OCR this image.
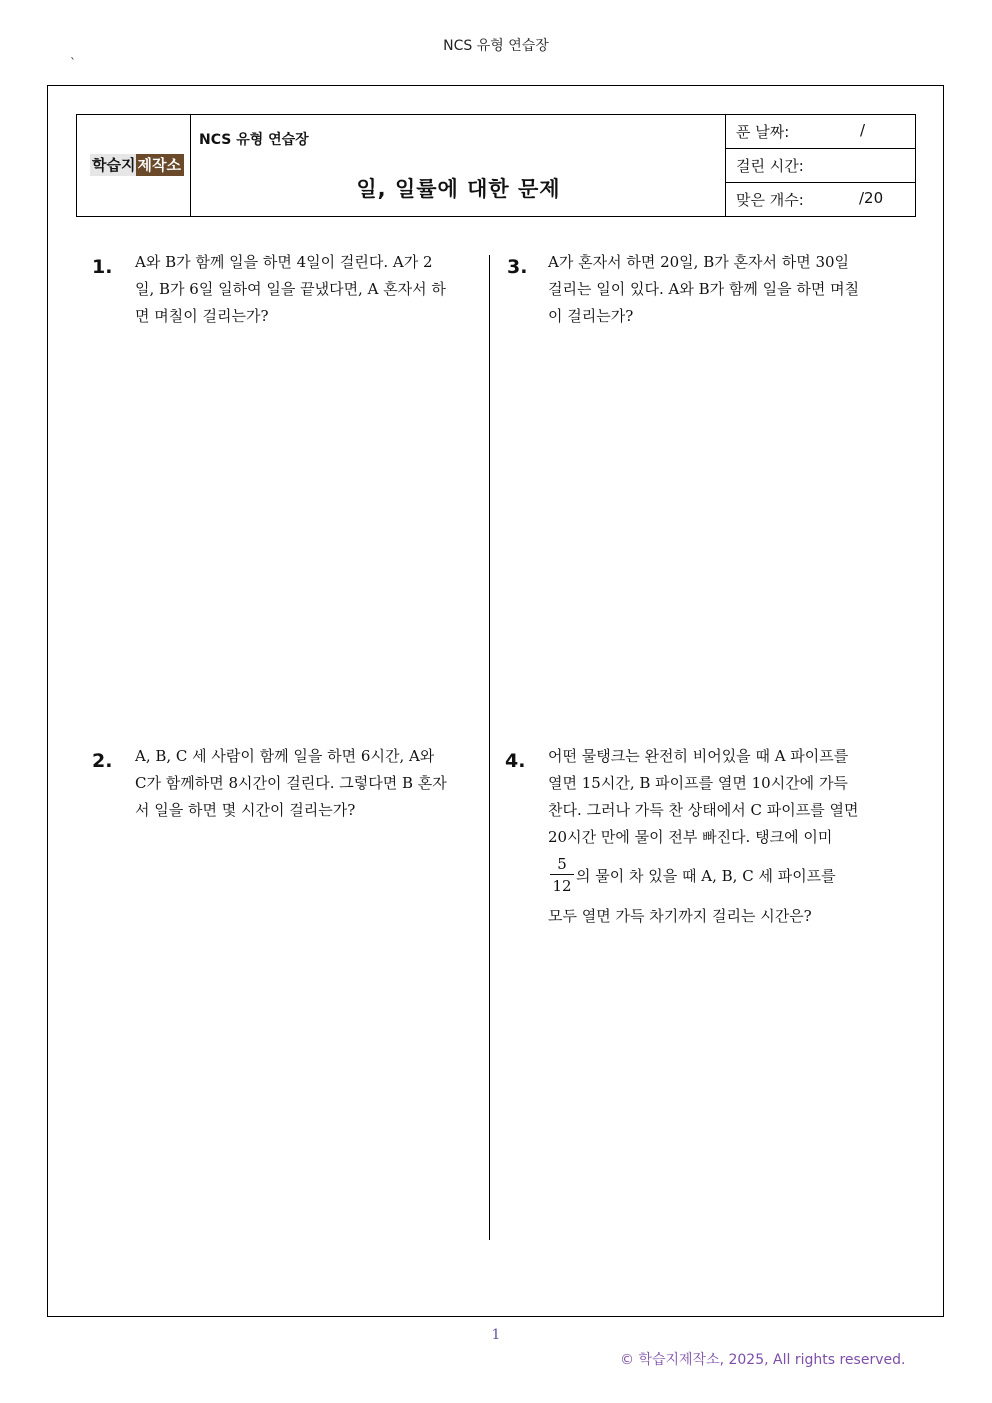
NCS 유형 연습장
`
학습지 제작소
NCS 유형 연습장
일, 일률에 대한 문제
푼 날짜:	/
걸린 시간:
맞은 개수:	/20
1. A와 B가 함께 일을 하면 4일이 걸린다. A가 2
일, B가 6일 일하여 일을 끝냈다면, A 혼자서 하
면 며칠이 걸리는가?
3. A가 혼자서 하면 20일, B가 혼자서 하면 30일
걸리는 일이 있다. A와 B가 함께 일을 하면 며칠
이 걸리는가?
2. A, B, C 세 사람이 함께 일을 하면 6시간, A와
C가 함께하면 8시간이 걸린다. 그렇다면 B 혼자
서 일을 하면 몇 시간이 걸리는가?
4. 어떤 물탱크는 완전히 비어있을 때 A 파이프를
열면 15시간, B 파이프를 열면 10시간에 가득
찬다. 그러나 가득 찬 상태에서 C 파이프를 열면
20시간 만에 물이 전부 빠진다. 탱크에 이미
5
12
의 물이 차 있을 때 A, B, C 세 파이프를
모두 열면 가득 차기까지 걸리는 시간은?
1
© 학습지제작소, 2025, All rights reserved.
